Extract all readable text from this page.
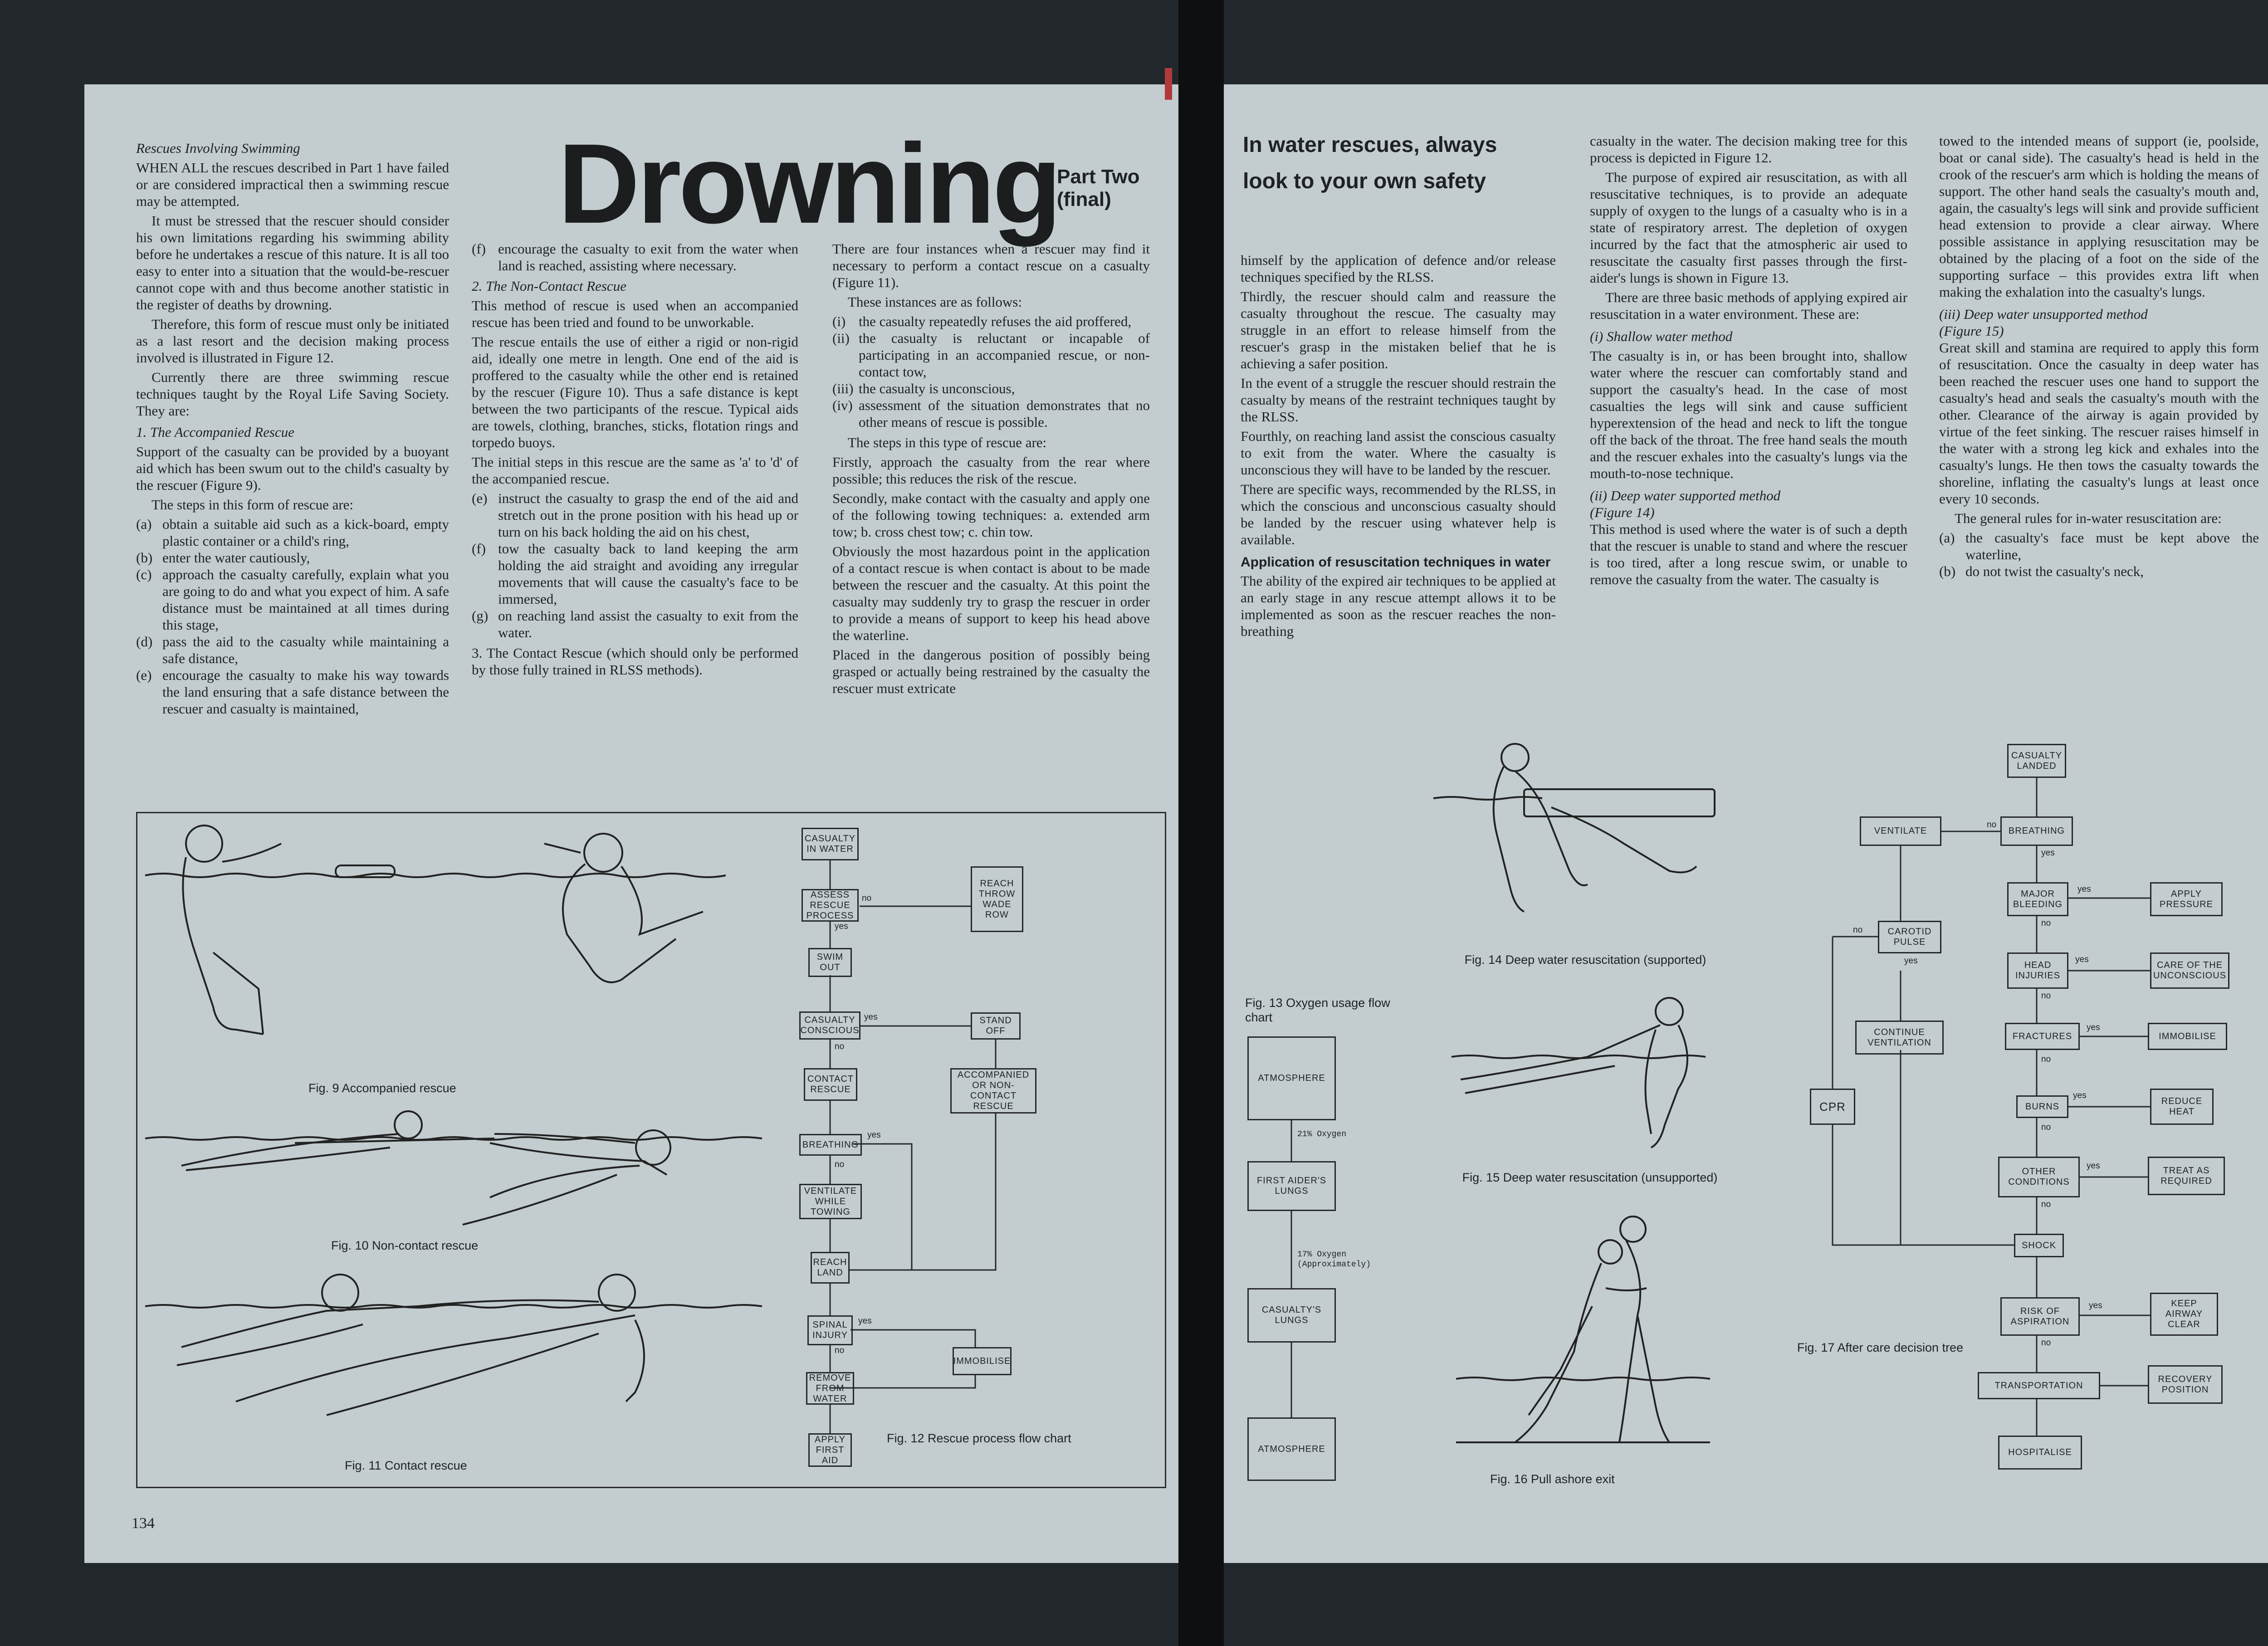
Rescues Involving Swimming

WHEN ALL the rescues described in Part 1 have failed or are considered impractical then a swimming rescue may be attempted.

It must be stressed that the rescuer should consider his own limitations regarding his swimming ability before he undertakes a rescue of this nature. It is all too easy to enter into a situation that the would-be-rescuer cannot cope with and thus become another statistic in the register of deaths by drowning.

Therefore, this form of rescue must only be initiated as a last resort and the decision making process involved is illustrated in Figure 12.

Currently there are three swimming rescue techniques taught by the Royal Life Saving Society. They are:

1. The Accompanied Rescue

Support of the casualty can be provided by a buoyant aid which has been swum out to the child's casualty by the rescuer (Figure 9).

The steps in this form of rescue are:

(a) obtain a suitable aid such as a kick-board, empty plastic container or a child's ring,
(b) enter the water cautiously,
(c) approach the casualty carefully, explain what you are going to do and what you expect of him. A safe distance must be maintained at all times during this stage,
(d) pass the aid to the casualty while maintaining a safe distance,
(e) encourage the casualty to make his way towards the land ensuring that a safe distance between the rescuer and casualty is maintained,
Drowning
Part Two
(final)
(f) encourage the casualty to exit from the water when land is reached, assisting where necessary.

2. The Non-Contact Rescue

This method of rescue is used when an accompanied rescue has been tried and found to be unworkable.

The rescue entails the use of either a rigid or non-rigid aid, ideally one metre in length. One end of the aid is proffered to the casualty while the other end is retained by the rescuer (Figure 10). Thus a safe distance is kept between the two participants of the rescue. Typical aids are towels, clothing, branches, sticks, flotation rings and torpedo buoys.

The initial steps in this rescue are the same as 'a' to 'd' of the accompanied rescue.

(e) instruct the casualty to grasp the end of the aid and stretch out in the prone position with his head up or turn on his back holding the aid on his chest,
(f) tow the casualty back to land keeping the arm holding the aid straight and avoiding any irregular movements that will cause the casualty's face to be immersed,
(g) on reaching land assist the casualty to exit from the water.

3. The Contact Rescue (which should only be performed by those fully trained in RLSS methods).

There are four instances when a rescuer may find it necessary to perform a contact rescue on a casualty (Figure 11).

These instances are as follows:

(i) the casualty repeatedly refuses the aid proffered,
(ii) the casualty is reluctant or incapable of participating in an accompanied rescue, or non-contact tow,
(iii) the casualty is unconscious,
(iv) assessment of the situation demonstrates that no other means of rescue is possible.

The steps in this type of rescue are:

Firstly, approach the casualty from the rear where possible; this reduces the risk of the rescue.

Secondly, make contact with the casualty and apply one of the following towing techniques: a. extended arm tow; b. cross chest tow; c. chin tow.

Obviously the most hazardous point in the application of a contact rescue is when contact is about to be made between the rescuer and the casualty. At this point the casualty may suddenly try to grasp the rescuer in order to provide a means of support to keep his head above the waterline.

Placed in the dangerous position of possibly being grasped or actually being restrained by the casualty the rescuer must extricate

Fig. 9 Accompanied rescue
Fig. 10 Non-contact rescue
Fig. 11 Contact rescue
CASUALTY IN WATER
ASSESS RESCUE PROCESS
no
REACH THROW WADE ROW
yes
SWIM OUT
CASUALTY CONSCIOUS
yes	STAND OFF
no
CONTACT RESCUE
ACCOMPANIED OR NON-CONTACT RESCUE
BREATHING
yes
no
VENTILATE WHILE TOWING
REACH LAND
SPINAL INJURY
yes
IMMOBILISE
no
REMOVE FROM WATER
APPLY FIRST AID
Fig. 12 Rescue process flow chart
134
In water rescues, always look to your own safety

himself by the application of defence and/or release techniques specified by the RLSS.

Thirdly, the rescuer should calm and reassure the casualty throughout the rescue. The casualty may struggle in an effort to release himself from the rescuer's grasp in the mistaken belief that he is achieving a safer position.

In the event of a struggle the rescuer should restrain the casualty by means of the restraint techniques taught by the RLSS.

Fourthly, on reaching land assist the conscious casualty to exit from the water. Where the casualty is unconscious they will have to be landed by the rescuer.

There are specific ways, recommended by the RLSS, in which the conscious and unconscious casualty should be landed by the rescuer using whatever help is available.

Application of resuscitation techniques in water

The ability of the expired air techniques to be applied at an early stage in any rescue attempt allows it to be implemented as soon as the rescuer reaches the non-breathing

casualty in the water. The decision making tree for this process is depicted in Figure 12.

The purpose of expired air resuscitation, as with all resuscitative techniques, is to provide an adequate supply of oxygen to the lungs of a casualty who is in a state of respiratory arrest. The depletion of oxygen incurred by the fact that the atmospheric air used to resuscitate the casualty first passes through the first-aider's lungs is shown in Figure 13.

There are three basic methods of applying expired air resuscitation in a water environment. These are:

(i) Shallow water method

The casualty is in, or has been brought into, shallow water where the rescuer can comfortably stand and support the casualty's head. In the case of most casualties the legs will sink and cause sufficient hyperextension of the head and neck to lift the tongue off the back of the throat. The free hand seals the mouth and the rescuer exhales into the casualty's lungs via the mouth-to-nose technique.

(ii) Deep water supported method

(Figure 14)

This method is used where the water is of such a depth that the rescuer is unable to stand and where the rescuer is too tired, after a long rescue swim, or unable to remove the casualty from the water. The casualty is

towed to the intended means of support (ie, poolside, boat or canal side). The casualty's head is held in the crook of the rescuer's arm which is holding the means of support. The other hand seals the casualty's mouth and, again, the casualty's legs will sink and provide sufficient head extension to provide a clear airway. Where possible assistance in applying resuscitation may be obtained by the placing of a foot on the side of the supporting surface – this provides extra lift when making the exhalation into the casualty's lungs.

(iii) Deep water unsupported method

(Figure 15)

Great skill and stamina are required to apply this form of resuscitation. Once the casualty in deep water has been reached the rescuer uses one hand to support the casualty's head and seals the casualty's mouth with the other. Clearance of the airway is again provided by virtue of the feet sinking. The rescuer raises himself in the water with a strong leg kick and exhales into the casualty's lungs. He then tows the casualty towards the shoreline, inflating the casualty's lungs at least once every 10 seconds.

The general rules for in-water resuscitation are:

(a) the casualty's face must be kept above the waterline,
(b) do not twist the casualty's neck,
Fig. 13 Oxygen usage flow chart
ATMOSPHERE
21% Oxygen
FIRST AIDER'S LUNGS
17% Oxygen (Approximately)
CASUALTY'S LUNGS
ATMOSPHERE
Fig. 14 Deep water resuscitation (supported)
Fig. 15 Deep water resuscitation (unsupported)
Fig. 16 Pull ashore exit
CASUALTY LANDED
VENTILATE
no
BREATHING
yes
CAROTID PULSE
no
yes
CONTINUE VENTILATION
CPR
MAJOR BLEEDING
yes	APPLY PRESSURE
no
HEAD INJURIES
yes
CARE OF THE UNCONSCIOUS
no
FRACTURES
yes
IMMOBILISE
no
BURNS
yes
REDUCE HEAT
no
OTHER CONDITIONS
yes	TREAT AS REQUIRED
no
SHOCK
RISK OF ASPIRATION
yes	KEEP AIRWAY CLEAR
no
TRANSPORTATION
RECOVERY POSITION
HOSPITALISE
Fig. 17 After care decision tree
